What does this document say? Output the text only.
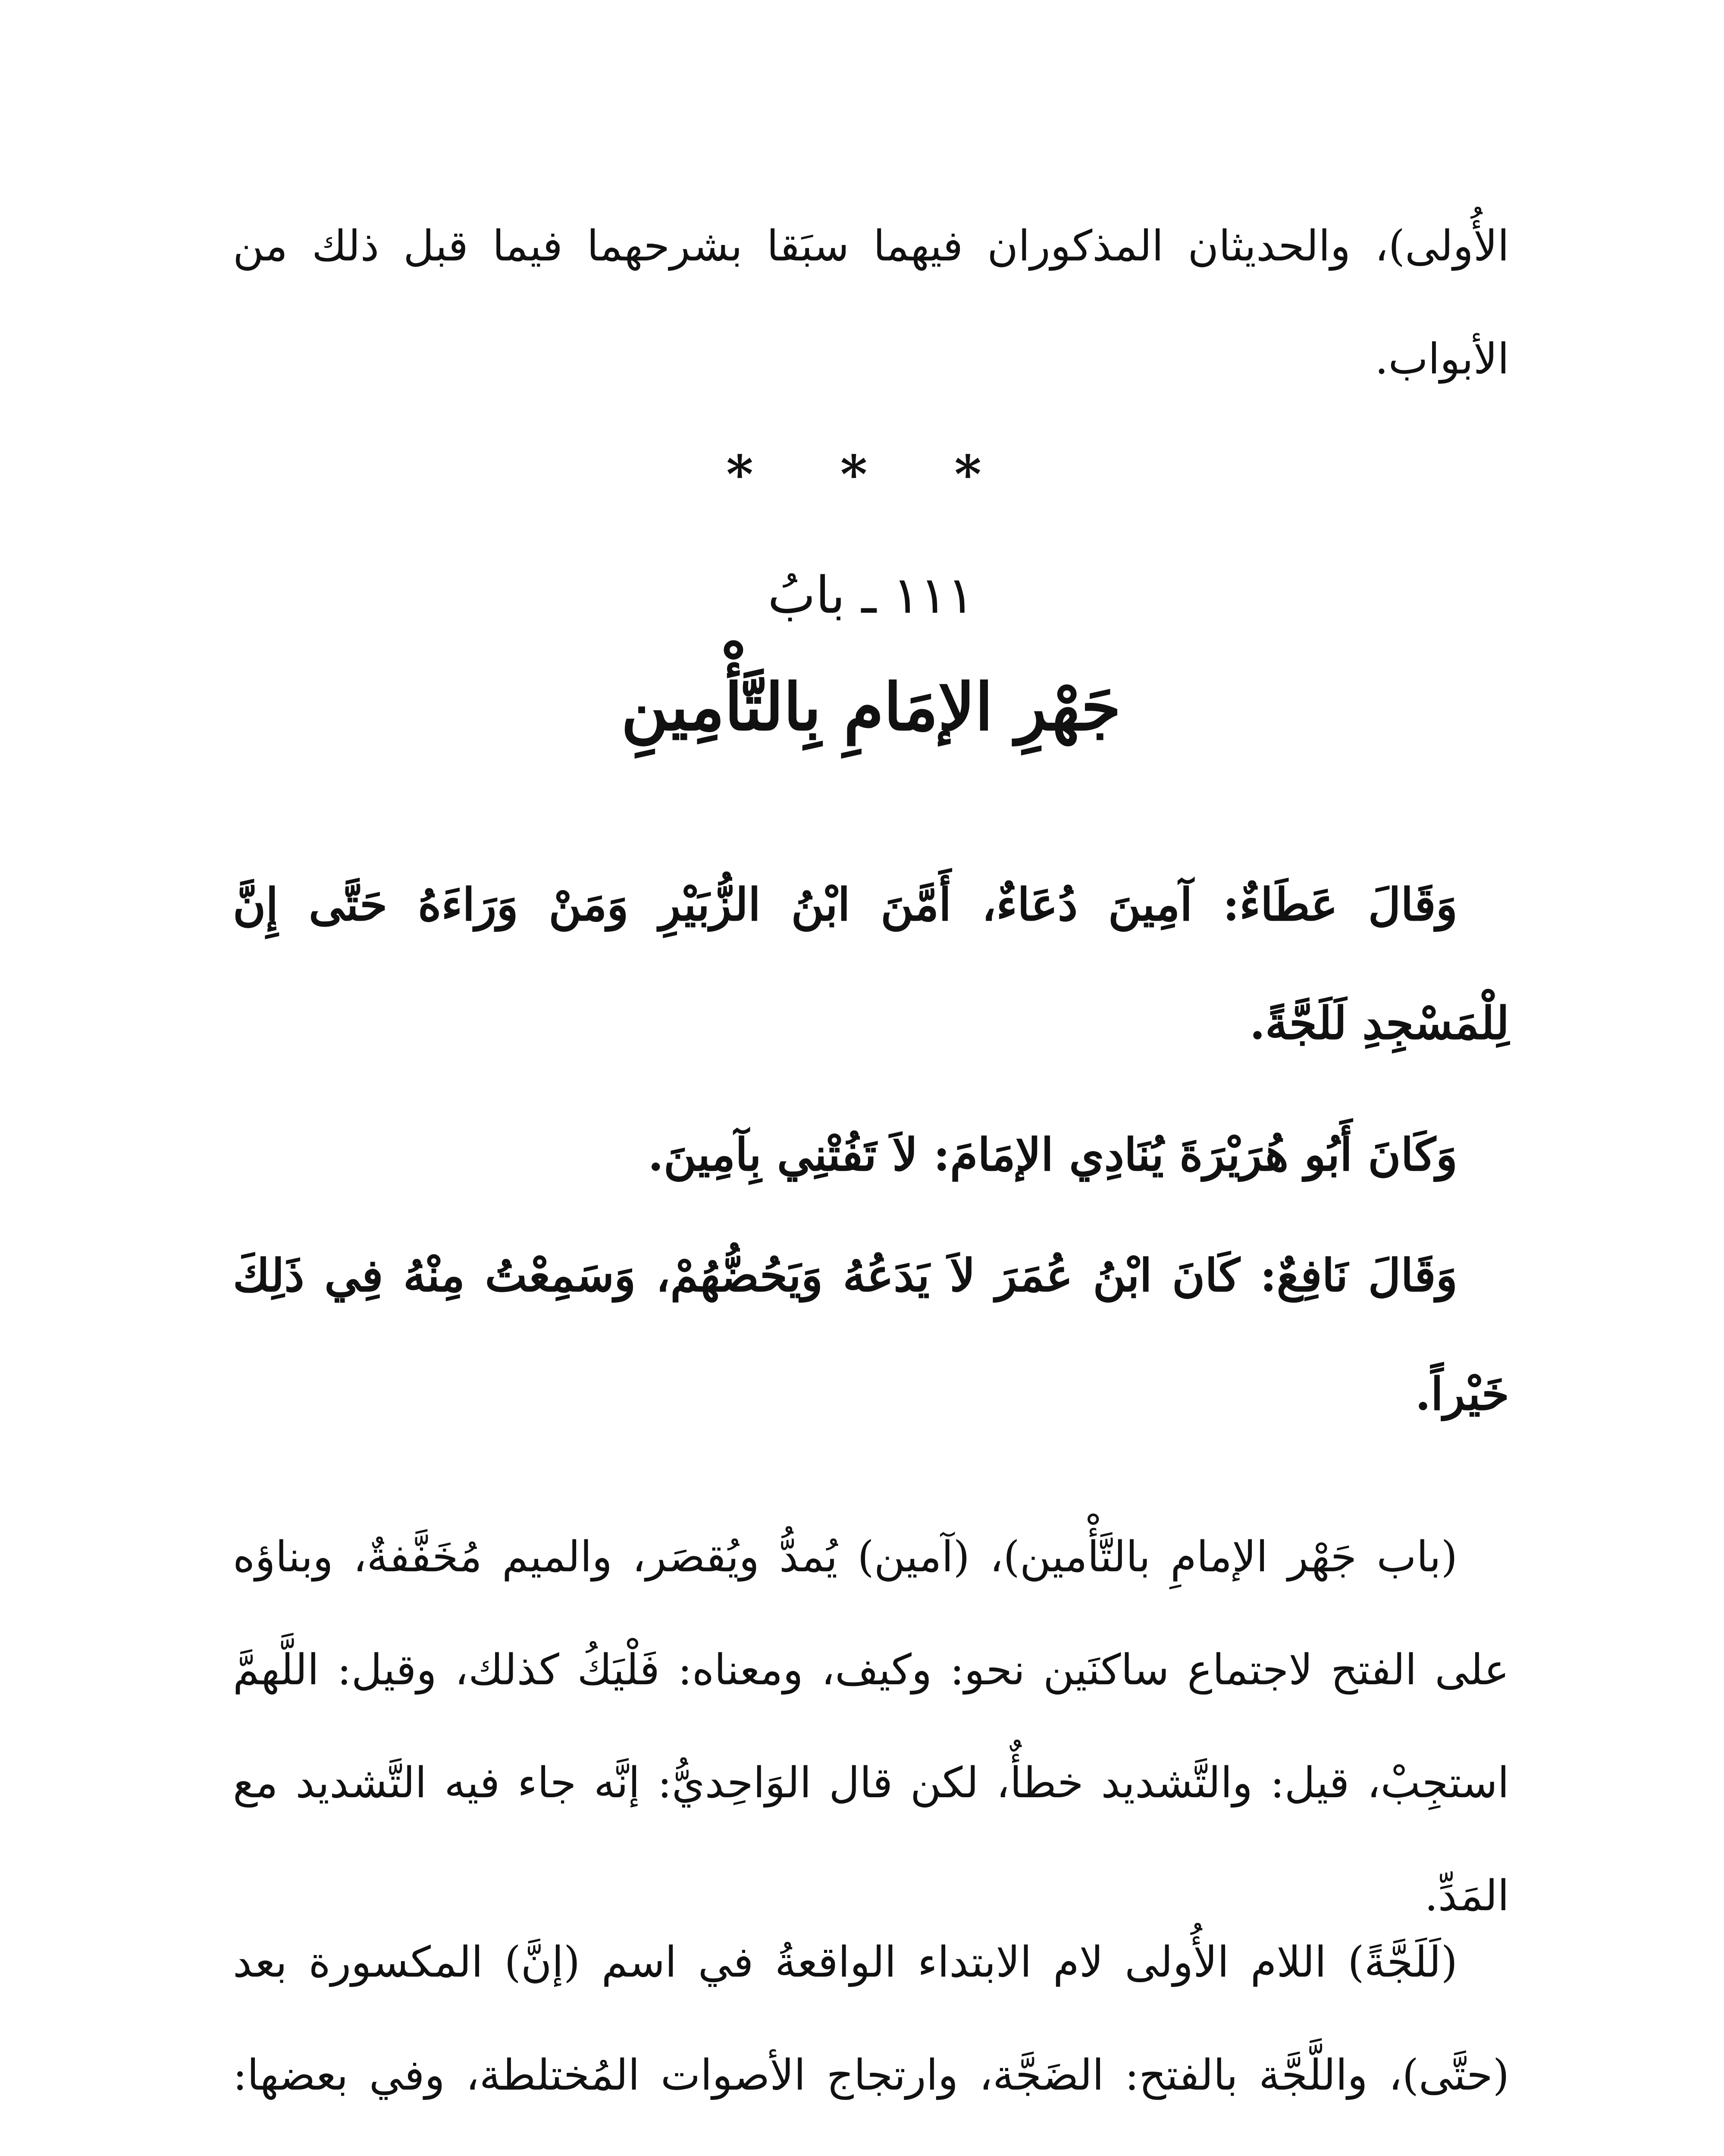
الأُولى)، والحديثان المذكوران فيهما سبَقا بشرحهما فيما قبل ذلك من الأبواب.

* * *
١١١ ـ بابُ
جَهْرِ الإمَامِ بِالتَّأْمِينِ

وَقَالَ عَطَاءٌ: آمِينَ دُعَاءٌ، أَمَّنَ ابْنُ الزُّبَيْرِ وَمَنْ وَرَاءَهُ حَتَّى إِنَّ لِلْمَسْجِدِ لَلَجَّةً.

وَكَانَ أَبُو هُرَيْرَةَ يُنَادِي الإمَامَ: لاَ تَفُتْنِي بِآمِينَ.

وَقَالَ نَافِعٌ: كَانَ ابْنُ عُمَرَ لاَ يَدَعُهُ وَيَحُضُّهُمْ، وَسَمِعْتُ مِنْهُ فِي ذَلِكَ خَيْراً.

(باب جَهْر الإمامِ بالتَّأْمين)، (آمين) يُمدُّ ويُقصَر، والميم مُخَفَّفةٌ، وبناؤه على الفتح لاجتماع ساكنَين نحو: وكيف، ومعناه: فَلْيَكُ كذلك، وقيل: اللَّهمَّ استجِبْ، قيل: والتَّشديد خطأٌ، لكن قال الوَاحِديُّ: إنَّه جاء فيه التَّشديد مع المَدِّ.

(لَلَجَّةً) اللام الأُولى لام الابتداء الواقعةُ في اسم (إنَّ) المكسورة بعد (حتَّى)، واللَّجَّة بالفتح: الضَجَّة، وارتجاج الأصوات المُختلطة، وفي بعضها:
